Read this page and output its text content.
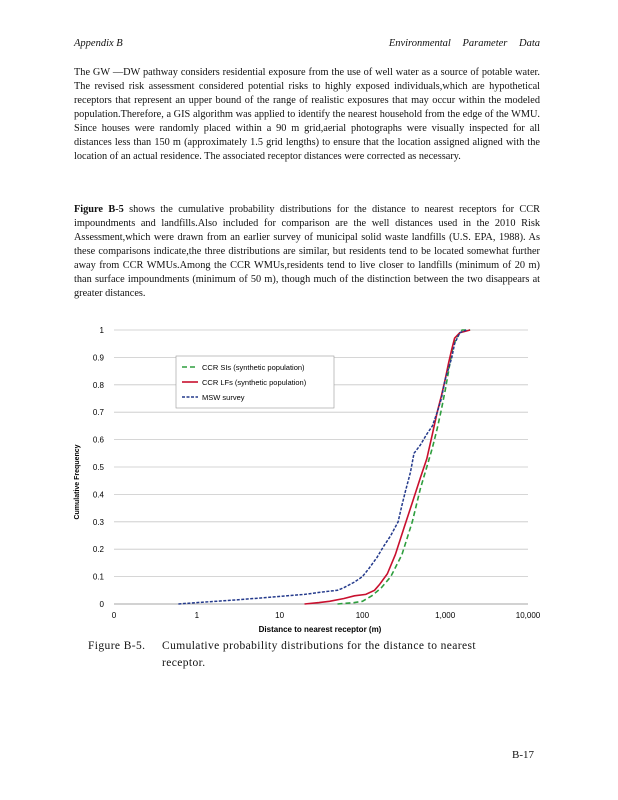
Appendix B	Environmental Parameter Data

The GW —DW pathway considers residential exposure from the use of well water as a source of potable water. The revised risk assessment considered potential risks to highly exposed individuals,which are hypothetical receptors that represent an upper bound of the range of realistic exposures that may occur within the modeled population.Therefore, a GIS algorithm was applied to identify the nearest household from the edge of the WMU. Since houses were randomly placed within a 90 m grid,aerial photographs were visually inspected for all distances less than 150 m (approximately 1.5 grid lengths) to ensure that the location assigned aligned with the location of an actual residence. The associated receptor distances were corrected as necessary.

Figure B-5 shows the cumulative probability distributions for the distance to nearest receptors for CCR impoundments and landfills.Also included for comparison are the well distances used in the 2010 Risk Assessment,which were drawn from an earlier survey of municipal solid waste landfills (U.S. EPA, 1988). As these comparisons indicate,the three distributions are similar, but residents tend to be located somewhat further away from CCR WMUs.Among the CCR WMUs,residents tend to live closer to landfills (minimum of 20 m) than surface impoundments (minimum of 50 m), though much of the distinction between the two disappears at greater distances.

0
0.1
0.2
0.3
0.4
0.5
0.6
0.7
0.8
0.9
1
0	1	10	100	1,000	10,000
CCR SIs (synthetic population)
CCR LFs (synthetic population)
MSW survey
Distance to nearest receptor (m)
Cumulative Frequency
Figure B-5. Cumulative probability distributions for the distance to nearest
receptor.
B-17
